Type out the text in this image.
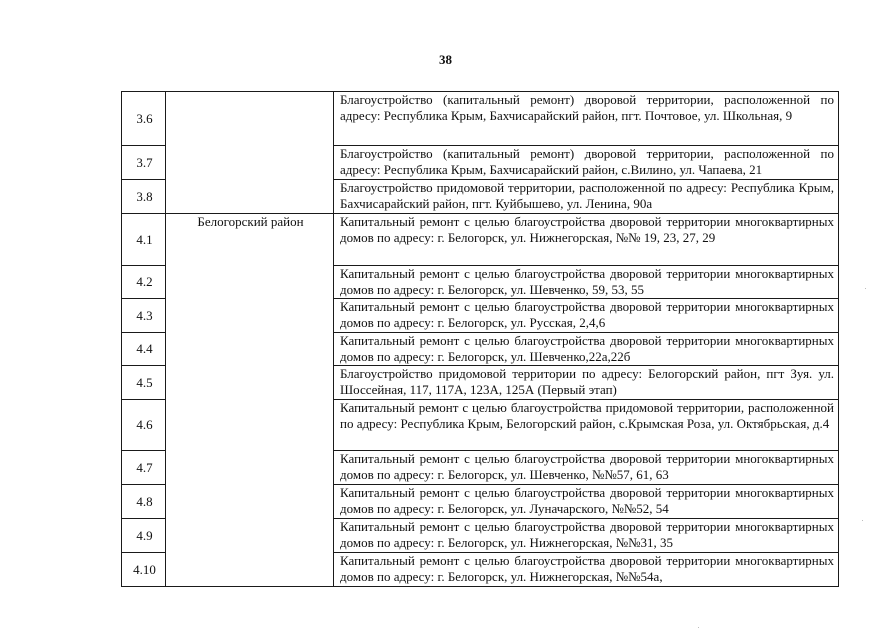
38
3.6		Благоустройство (капитальный ремонт) дворовой территории, расположенной по адресу: Республика Крым, Бахчисарайский район, пгт. Почтовое, ул. Школьная, 9
3.7		Благоустройство (капитальный ремонт) дворовой территории, расположенной по адресу: Республика Крым, Бахчисарайский район, с.Вилино, ул. Чапаева, 21
3.8		Благоустройство придомовой территории, расположенной по адресу: Республика Крым, Бахчисарайский район, пгт. Куйбышево, ул. Ленина, 90а
4.1	Белогорский район	Капитальный ремонт с целью благоустройства дворовой территории многоквартирных домов по адресу: г. Белогорск, ул. Нижнегорская, №№ 19, 23, 27, 29
4.2		Капитальный ремонт с целью благоустройства дворовой территории многоквартирных домов по адресу: г. Белогорск, ул. Шевченко, 59, 53, 55
4.3		Капитальный ремонт с целью благоустройства дворовой территории многоквартирных домов по адресу: г. Белогорск, ул. Русская, 2,4,6
4.4		Капитальный ремонт с целью благоустройства дворовой территории многоквартирных домов по адресу: г. Белогорск, ул. Шевченко,22а,22б
4.5		Благоустройство придомовой территории по адресу: Белогорский район, пгт Зуя. ул. Шоссейная, 117, 117А, 123А, 125А (Первый этап)
4.6		Капитальный ремонт с целью благоустройства придомовой территории, расположенной по адресу: Республика Крым, Белогорский район, с.Крымская Роза, ул. Октябрьская, д.4
4.7		Капитальный ремонт с целью благоустройства дворовой территории многоквартирных домов по адресу: г. Белогорск, ул. Шевченко, №№57, 61, 63
4.8		Капитальный ремонт с целью благоустройства дворовой территории многоквартирных домов по адресу: г. Белогорск, ул. Луначарского, №№52, 54
4.9		Капитальный ремонт с целью благоустройства дворовой территории многоквартирных домов по адресу: г. Белогорск, ул. Нижнегорская, №№31, 35
4.10		Капитальный ремонт с целью благоустройства дворовой территории многоквартирных домов по адресу: г. Белогорск, ул. Нижнегорская, №№54а,
